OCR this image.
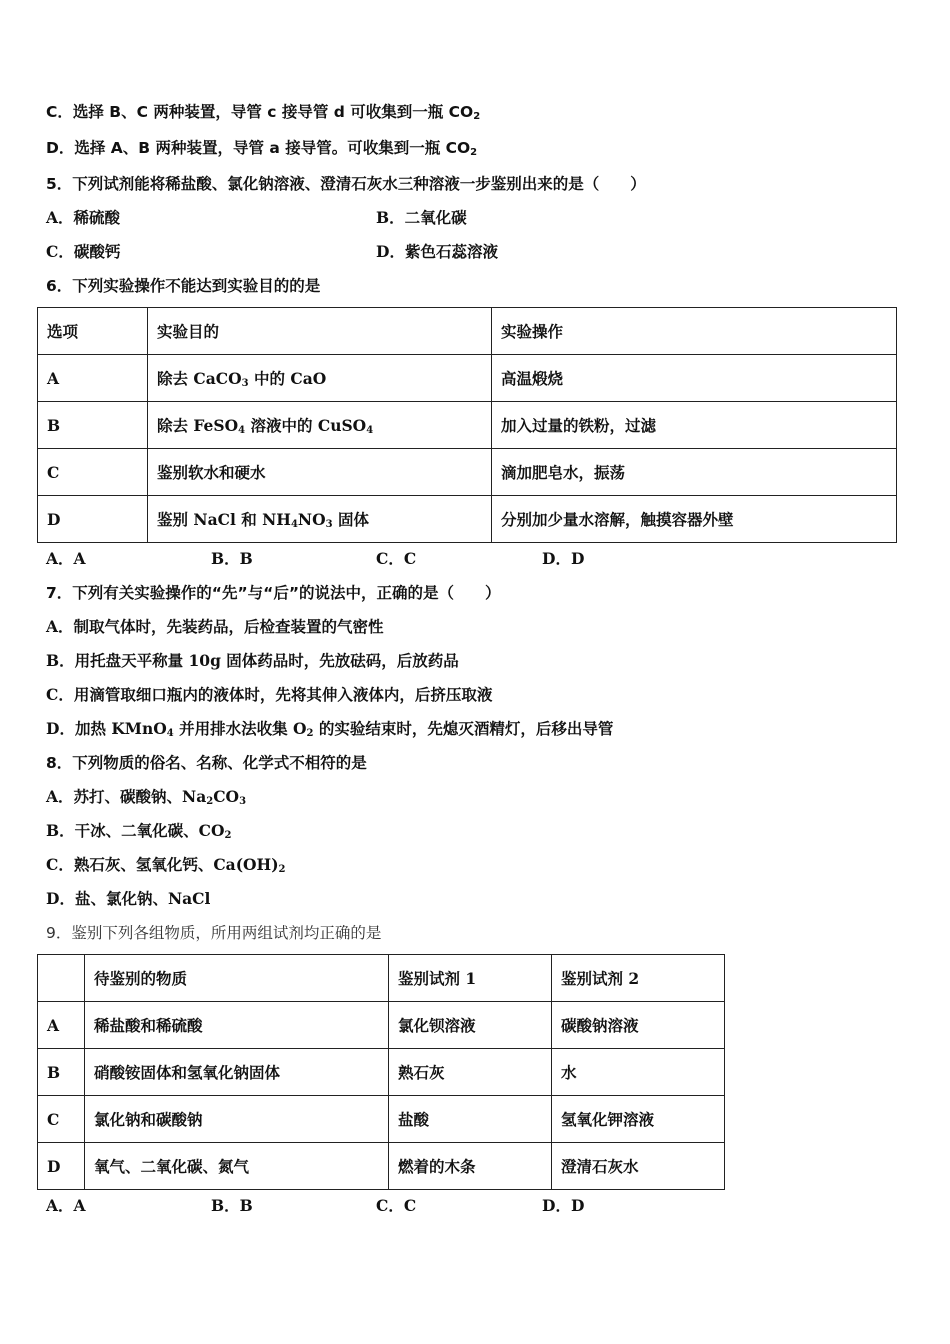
C．选择 B、C 两种装置，导管 c 接导管 d 可收集到一瓶 $CO_2$
D．选择 A、B 两种装置，导管 a 接导管。可收集到一瓶 $CO_2$
5．下列试剂能将稀盐酸、氯化钠溶液、澄清石灰水三种溶液一步鉴别出来的是（　　）
A．稀硫酸	B．二氧化碳
C．碳酸钙	D．紫色石蕊溶液
6．下列实验操作不能达到实验目的的是
选项	实验目的	实验操作
A	除去 CaCO$_3$ 中的 CaO	高温煅烧
B	除去 FeSO$_4$ 溶液中的 CuSO$_4$	加入过量的铁粉，过滤
C	鉴别软水和硬水	滴加肥皂水，振荡
D	鉴别 NaCl 和 $NH_4NO_3$ 固体	分别加少量水溶解，触摸容器外壁
A．A	B．B	C．C	D．D
7．下列有关实验操作的“先”与“后”的说法中，正确的是（　　）
A．制取气体时，先装药品，后检查装置的气密性
B．用托盘天平称量 10g 固体药品时，先放砝码，后放药品
C．用滴管取细口瓶内的液体时，先将其伸入液体内，后挤压取液
D．加热 KMnO$_4$ 并用排水法收集 $O_2$ 的实验结束时，先熄灭酒精灯，后移出导管
8．下列物质的俗名、名称、化学式不相符的是
A．苏打、碳酸钠、$Na_2CO_3$
B．干冰、二氧化碳、$CO_2$
C．熟石灰、氢氧化钙、$Ca(OH)_2$
D．盐、氯化钠、NaCl
9．鉴别下列各组物质，所用两组试剂均正确的是
	待鉴别的物质	鉴别试剂 1	鉴别试剂 2
A	稀盐酸和稀硫酸	氯化钡溶液	碳酸钠溶液
B	硝酸铵固体和氢氧化钠固体	熟石灰	水
C	氯化钠和碳酸钠	盐酸	氢氧化钾溶液
D	氧气、二氧化碳、氮气	燃着的木条	澄清石灰水
A．A	B．B	C．C	D．D
